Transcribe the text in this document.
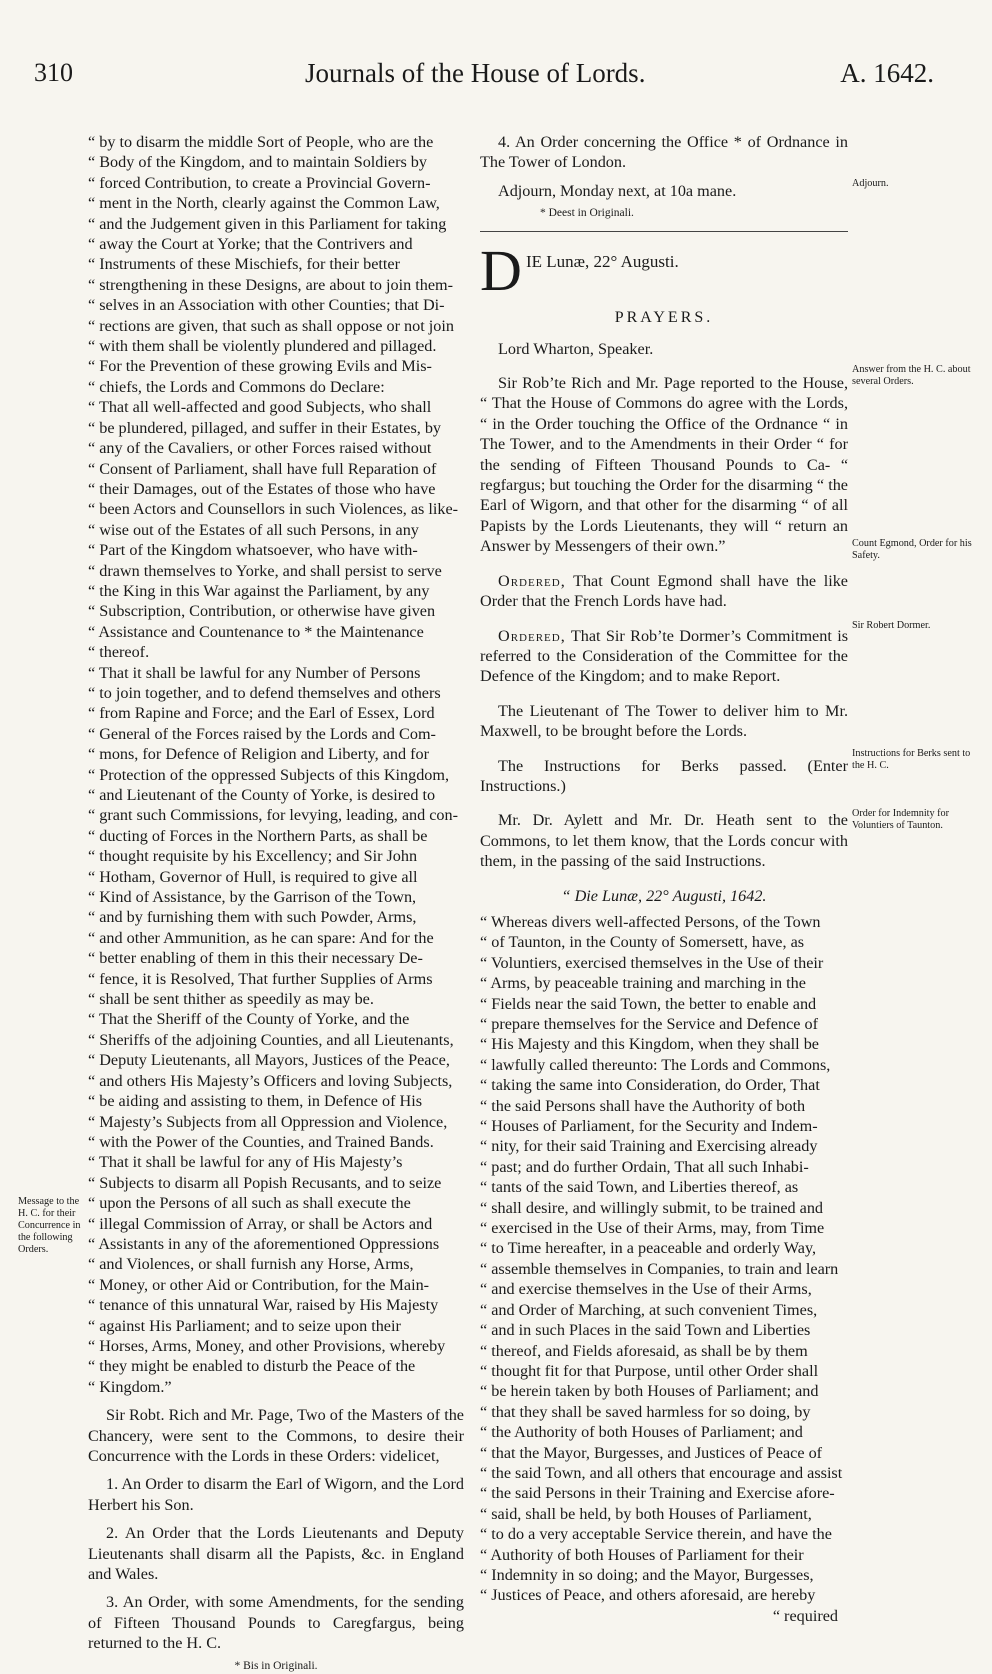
310	Journals of the House of Lords.	A. 1642.
“ by to disarm the middle Sort of People, who are the
“ Body of the Kingdom, and to maintain Soldiers by
“ forced Contribution, to create a Provincial Govern-
“ ment in the North, clearly against the Common Law,
“ and the Judgement given in this Parliament for taking
“ away the Court at Yorke; that the Contrivers and
“ Instruments of these Mischiefs, for their better
“ strengthening in these Designs, are about to join them-
“ selves in an Association with other Counties; that Di-
“ rections are given, that such as shall oppose or not join
“ with them shall be violently plundered and pillaged.
“ For the Prevention of these growing Evils and Mis-
“ chiefs, the Lords and Commons do Declare:
“ That all well-affected and good Subjects, who shall
“ be plundered, pillaged, and suffer in their Estates, by
“ any of the Cavaliers, or other Forces raised without
“ Consent of Parliament, shall have full Reparation of
“ their Damages, out of the Estates of those who have
“ been Actors and Counsellors in such Violences, as like-
“ wise out of the Estates of all such Persons, in any
“ Part of the Kingdom whatsoever, who have with-
“ drawn themselves to Yorke, and shall persist to serve
“ the King in this War against the Parliament, by any
“ Subscription, Contribution, or otherwise have given
“ Assistance and Countenance to * the Maintenance
“ thereof.
“ That it shall be lawful for any Number of Persons
“ to join together, and to defend themselves and others
“ from Rapine and Force; and the Earl of Essex, Lord
“ General of the Forces raised by the Lords and Com-
“ mons, for Defence of Religion and Liberty, and for
“ Protection of the oppressed Subjects of this Kingdom,
“ and Lieutenant of the County of Yorke, is desired to
“ grant such Commissions, for levying, leading, and con-
“ ducting of Forces in the Northern Parts, as shall be
“ thought requisite by his Excellency; and Sir John
“ Hotham, Governor of Hull, is required to give all
“ Kind of Assistance, by the Garrison of the Town,
“ and by furnishing them with such Powder, Arms,
“ and other Ammunition, as he can spare: And for the
“ better enabling of them in this their necessary De-
“ fence, it is Resolved, That further Supplies of Arms
“ shall be sent thither as speedily as may be.
“ That the Sheriff of the County of Yorke, and the
“ Sheriffs of the adjoining Counties, and all Lieutenants,
“ Deputy Lieutenants, all Mayors, Justices of the Peace,
“ and others His Majesty’s Officers and loving Subjects,
“ be aiding and assisting to them, in Defence of His
“ Majesty’s Subjects from all Oppression and Violence,
“ with the Power of the Counties, and Trained Bands.
“ That it shall be lawful for any of His Majesty’s
“ Subjects to disarm all Popish Recusants, and to seize
“ upon the Persons of all such as shall execute the
“ illegal Commission of Array, or shall be Actors and
“ Assistants in any of the aforementioned Oppressions
“ and Violences, or shall furnish any Horse, Arms,
“ Money, or other Aid or Contribution, for the Main-
“ tenance of this unnatural War, raised by His Majesty
“ against His Parliament; and to seize upon their
“ Horses, Arms, Money, and other Provisions, whereby
“ they might be enabled to disturb the Peace of the
“ Kingdom.”

Sir Robt. Rich and Mr. Page, Two of the Masters of the Chancery, were sent to the Commons, to desire their Concurrence with the Lords in these Orders: videlicet,

1. An Order to disarm the Earl of Wigorn, and the Lord Herbert his Son.

2. An Order that the Lords Lieutenants and Deputy Lieutenants shall disarm all the Papists, &c. in England and Wales.

3. An Order, with some Amendments, for the sending of Fifteen Thousand Pounds to Caregfargus, being returned to the H. C.

* Bis in Originali.

Message to the H. C. for their Concurrence in the following Orders.

4. An Order concerning the Office * of Ordnance in The Tower of London.

Adjourn, Monday next, at 10a mane.

* Deest in Originali.

D IE Lunæ, 22° Augusti.

PRAYERS.

Lord Wharton, Speaker.

Sir Rob’te Rich and Mr. Page reported to the House, “ That the House of Commons do agree with the Lords, “ in the Order touching the Office of the Ordnance “ in The Tower, and to the Amendments in their Order “ for the sending of Fifteen Thousand Pounds to Ca- “ regfargus; but touching the Order for the disarming “ the Earl of Wigorn, and that other for the disarming “ of all Papists by the Lords Lieutenants, they will “ return an Answer by Messengers of their own.”

Ordered, That Count Egmond shall have the like Order that the French Lords have had.

Ordered, That Sir Rob’te Dormer’s Commitment is referred to the Consideration of the Committee for the Defence of the Kingdom; and to make Report.

The Lieutenant of The Tower to deliver him to Mr. Maxwell, to be brought before the Lords.

The Instructions for Berks passed. (Enter Instructions.)

Mr. Dr. Aylett and Mr. Dr. Heath sent to the Commons, to let them know, that the Lords concur with them, in the passing of the said Instructions.

“ Die Lunæ, 22° Augusti, 1642.

“ Whereas divers well-affected Persons, of the Town
“ of Taunton, in the County of Somersett, have, as
“ Voluntiers, exercised themselves in the Use of their
“ Arms, by peaceable training and marching in the
“ Fields near the said Town, the better to enable and
“ prepare themselves for the Service and Defence of
“ His Majesty and this Kingdom, when they shall be
“ lawfully called thereunto: The Lords and Commons,
“ taking the same into Consideration, do Order, That
“ the said Persons shall have the Authority of both
“ Houses of Parliament, for the Security and Indem-
“ nity, for their said Training and Exercising already
“ past; and do further Ordain, That all such Inhabi-
“ tants of the said Town, and Liberties thereof, as
“ shall desire, and willingly submit, to be trained and
“ exercised in the Use of their Arms, may, from Time
“ to Time hereafter, in a peaceable and orderly Way,
“ assemble themselves in Companies, to train and learn
“ and exercise themselves in the Use of their Arms,
“ and Order of Marching, at such convenient Times,
“ and in such Places in the said Town and Liberties
“ thereof, and Fields aforesaid, as shall be by them
“ thought fit for that Purpose, until other Order shall
“ be herein taken by both Houses of Parliament; and
“ that they shall be saved harmless for so doing, by
“ the Authority of both Houses of Parliament; and
“ that the Mayor, Burgesses, and Justices of Peace of
“ the said Town, and all others that encourage and assist
“ the said Persons in their Training and Exercise afore-
“ said, shall be held, by both Houses of Parliament,
“ to do a very acceptable Service therein, and have the
“ Authority of both Houses of Parliament for their
“ Indemnity in so doing; and the Mayor, Burgesses,
“ Justices of Peace, and others aforesaid, are hereby

“ required

Adjourn.
Answer from the H. C. about several Orders.
Count Egmond, Order for his Safety.
Sir Robert Dormer.
Instructions for Berks sent to the H. C.
Order for Indemnity for Voluntiers of Taunton.
